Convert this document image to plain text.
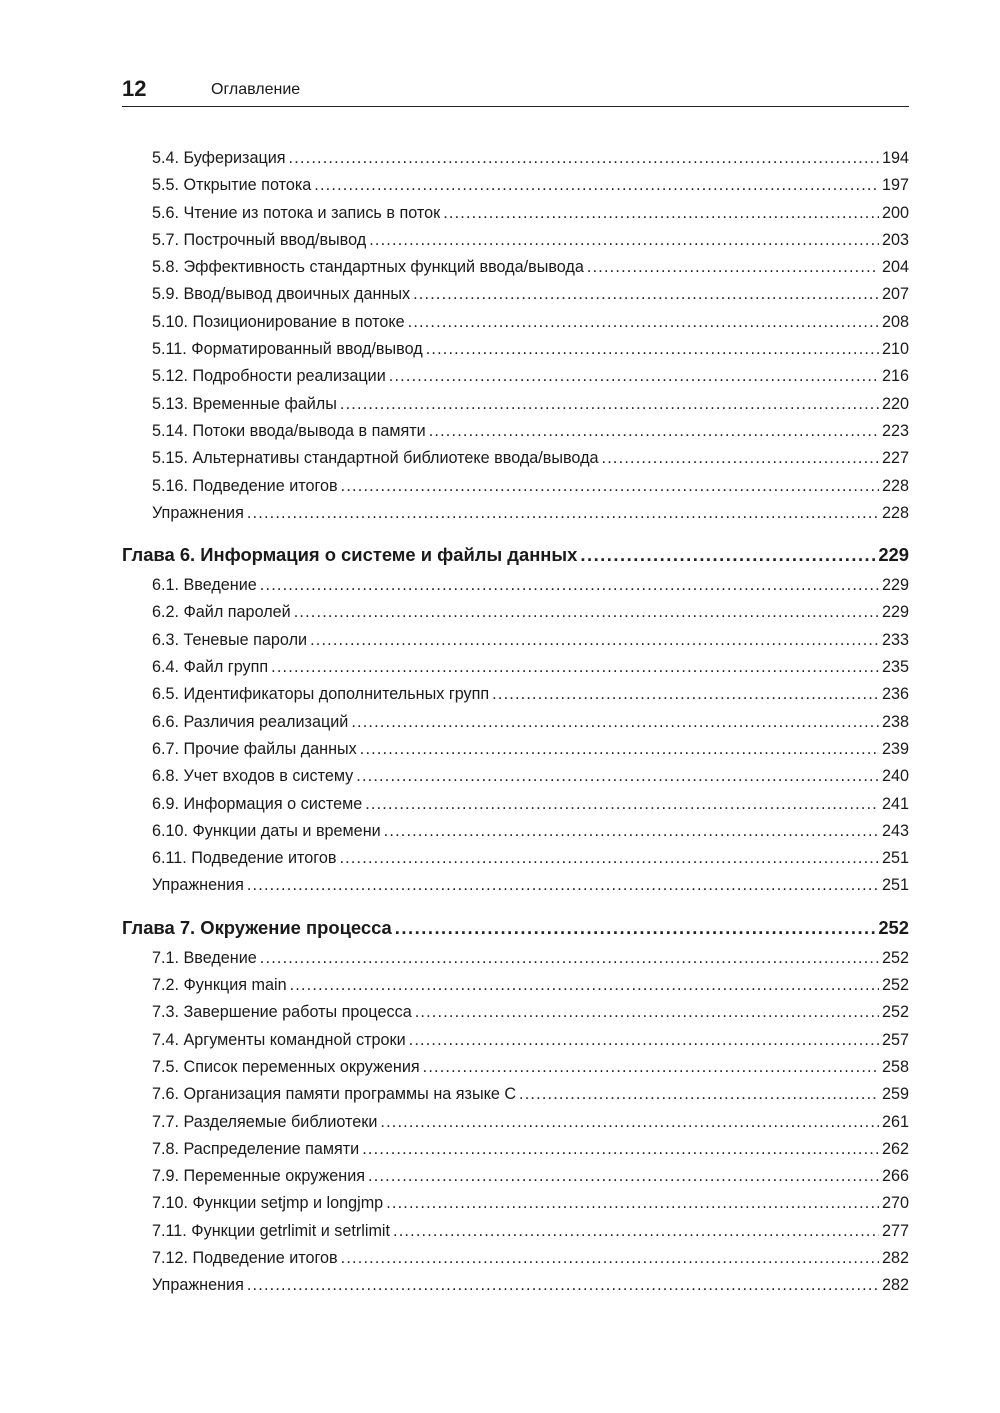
12	Оглавление
5.4. Буферизация .....	194
5.5. Открытие потока .....	197
5.6. Чтение из потока и запись в поток .....	200
5.7. Построчный ввод/вывод .....	203
5.8. Эффективность стандартных функций ввода/вывода .....	204
5.9. Ввод/вывод двоичных данных .....	207
5.10. Позиционирование в потоке .....	208
5.11. Форматированный ввод/вывод .....	210
5.12. Подробности реализации .....	216
5.13. Временные файлы .....	220
5.14. Потоки ввода/вывода в памяти .....	223
5.15. Альтернативы стандартной библиотеке ввода/вывода .....	227
5.16. Подведение итогов .....	228
Упражнения .....	228
Глава 6. Информация о системе и файлы данных .....	229
6.1. Введение .....	229
6.2. Файл паролей .....	229
6.3. Теневые пароли .....	233
6.4. Файл групп .....	235
6.5. Идентификаторы дополнительных групп .....	236
6.6. Различия реализаций .....	238
6.7. Прочие файлы данных .....	239
6.8. Учет входов в систему .....	240
6.9. Информация о системе .....	241
6.10. Функции даты и времени .....	243
6.11. Подведение итогов .....	251
Упражнения .....	251
Глава 7. Окружение процесса .....	252
7.1. Введение .....	252
7.2. Функция main .....	252
7.3. Завершение работы процесса .....	252
7.4. Аргументы командной строки .....	257
7.5. Список переменных окружения .....	258
7.6. Организация памяти программы на языке C .....	259
7.7. Разделяемые библиотеки .....	261
7.8. Распределение памяти .....	262
7.9. Переменные окружения .....	266
7.10. Функции setjmp и longjmp .....	270
7.11. Функции getrlimit и setrlimit .....	277
7.12. Подведение итогов .....	282
Упражнения .....	282
